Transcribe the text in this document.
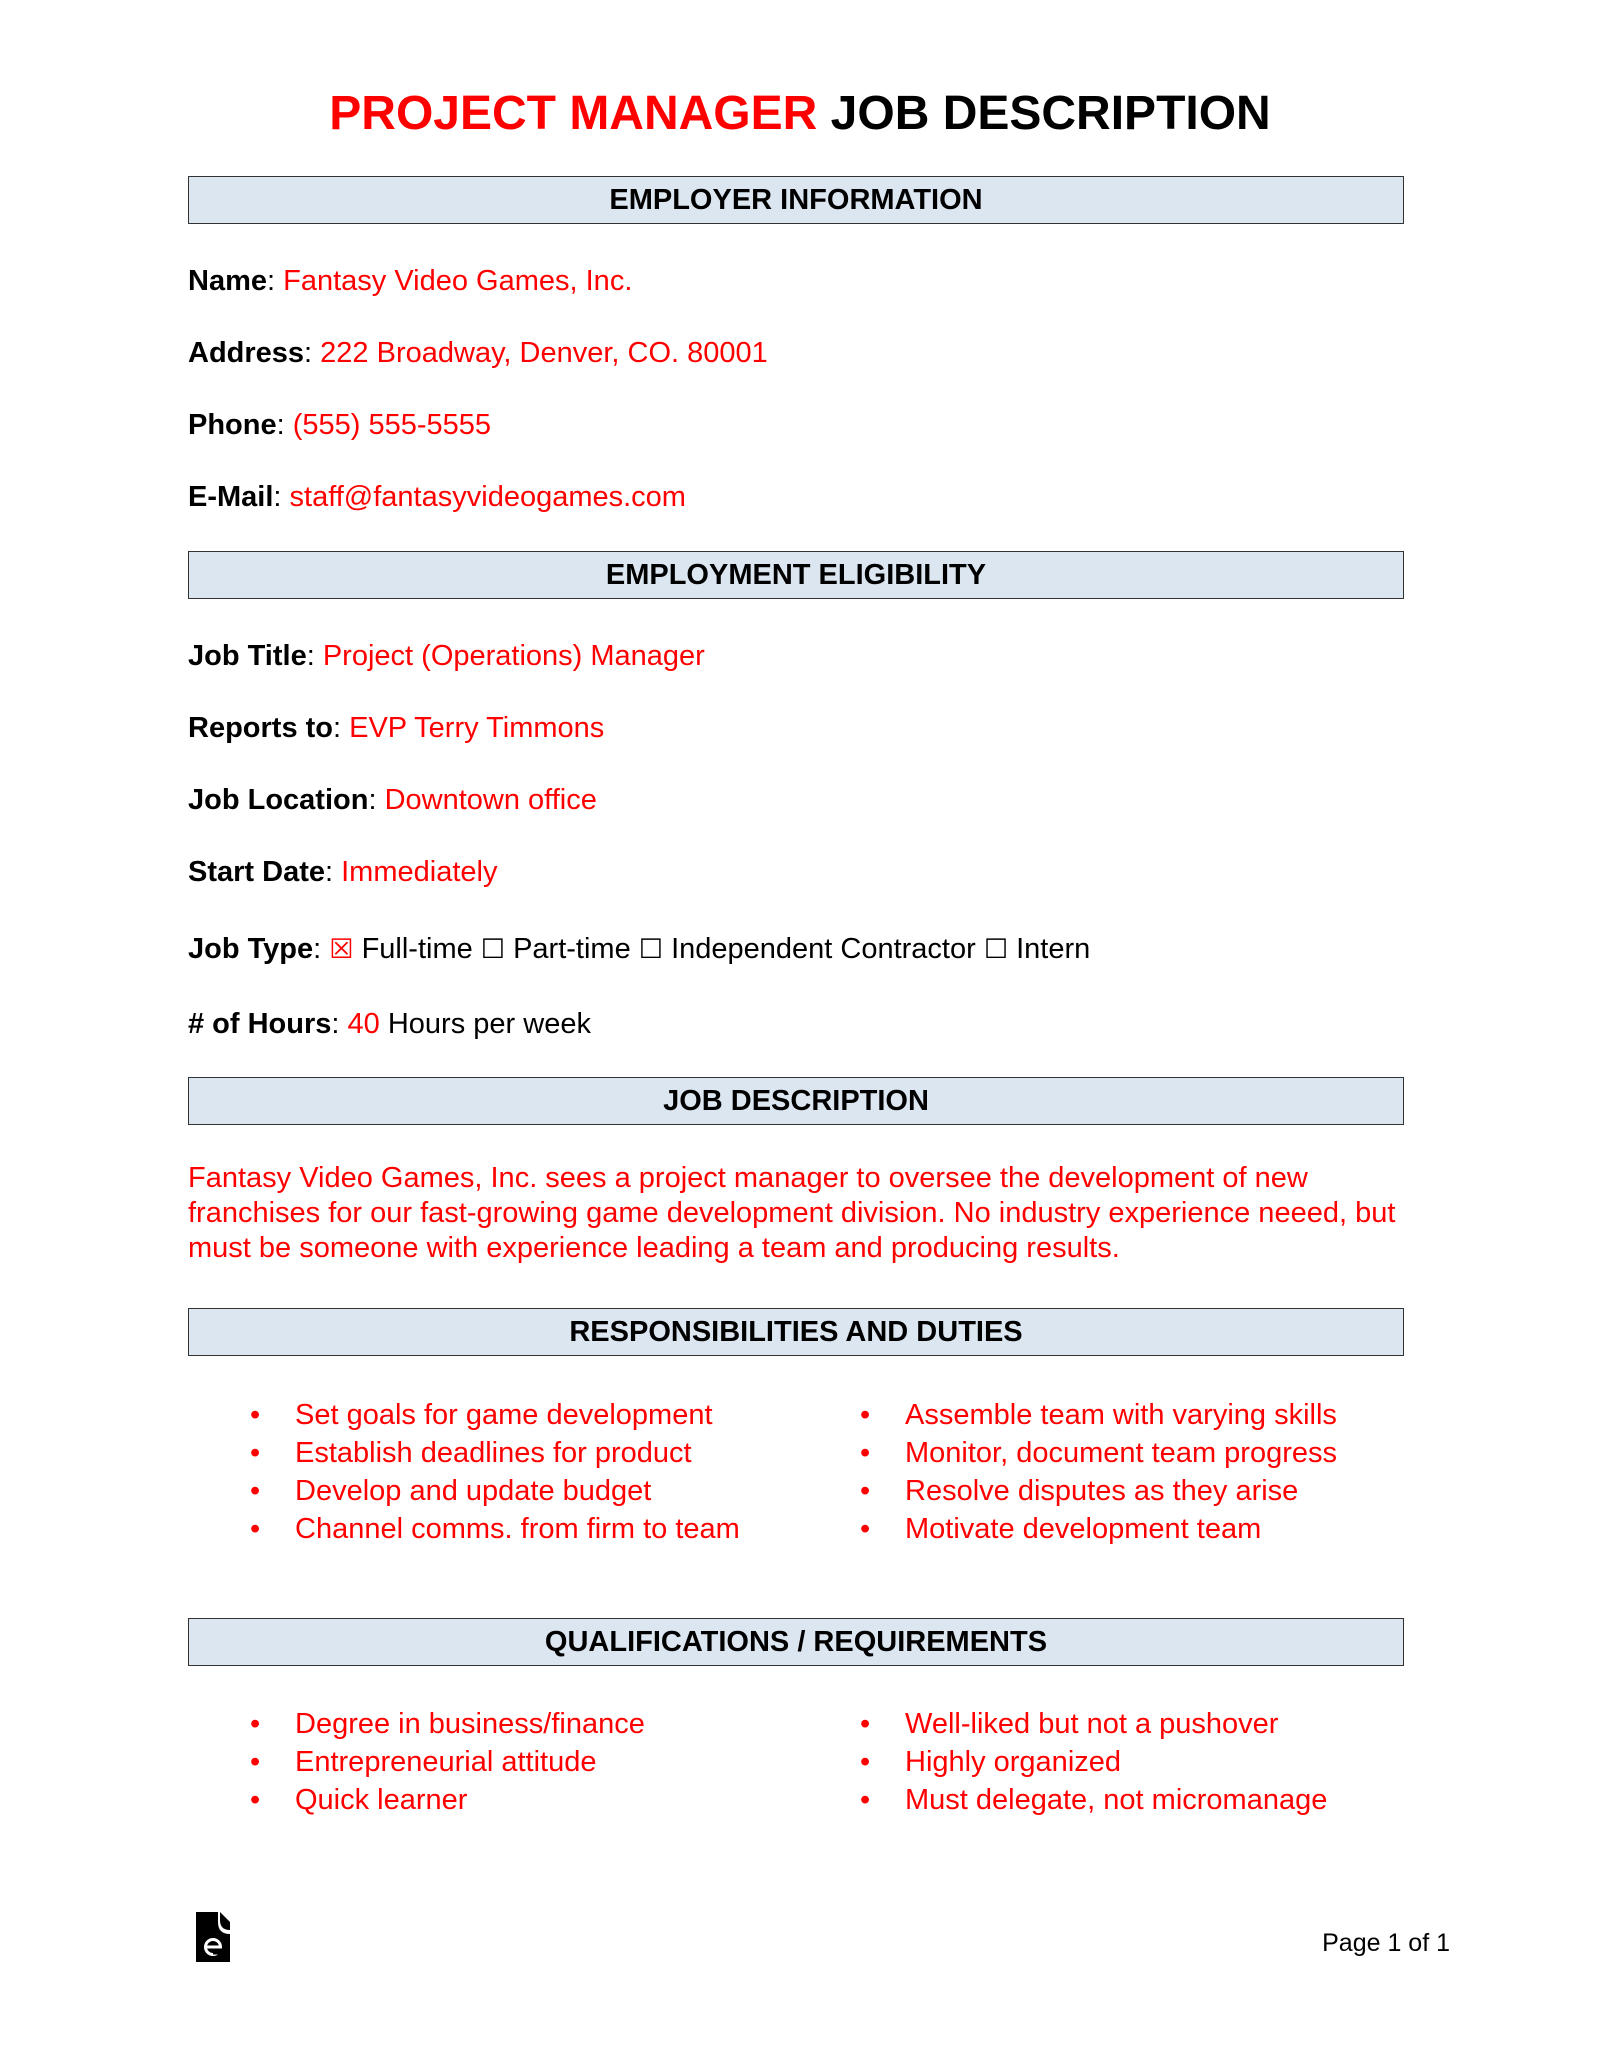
PROJECT MANAGER JOB DESCRIPTION
EMPLOYER INFORMATION
Name: Fantasy Video Games, Inc.
Address: 222 Broadway, Denver, CO. 80001
Phone: (555) 555-5555
E-Mail: staff@fantasyvideogames.com
EMPLOYMENT ELIGIBILITY
Job Title: Project (Operations) Manager
Reports to: EVP Terry Timmons
Job Location: Downtown office
Start Date: Immediately
Job Type: ☒ Full-time ☐ Part-time ☐ Independent Contractor ☐ Intern
# of Hours: 40 Hours per week
JOB DESCRIPTION
Fantasy Video Games, Inc. sees a project manager to oversee the development of new franchises for our fast-growing game development division. No industry experience neeed, but must be someone with experience leading a team and producing results.
RESPONSIBILITIES AND DUTIES
• Set goals for game development
• Establish deadlines for product
• Develop and update budget
• Channel comms. from firm to team
• Assemble team with varying skills
• Monitor, document team progress
• Resolve disputes as they arise
• Motivate development team
QUALIFICATIONS / REQUIREMENTS
• Degree in business/finance
• Entrepreneurial attitude
• Quick learner
• Well-liked but not a pushover
• Highly organized
• Must delegate, not micromanage
Page 1 of 1
